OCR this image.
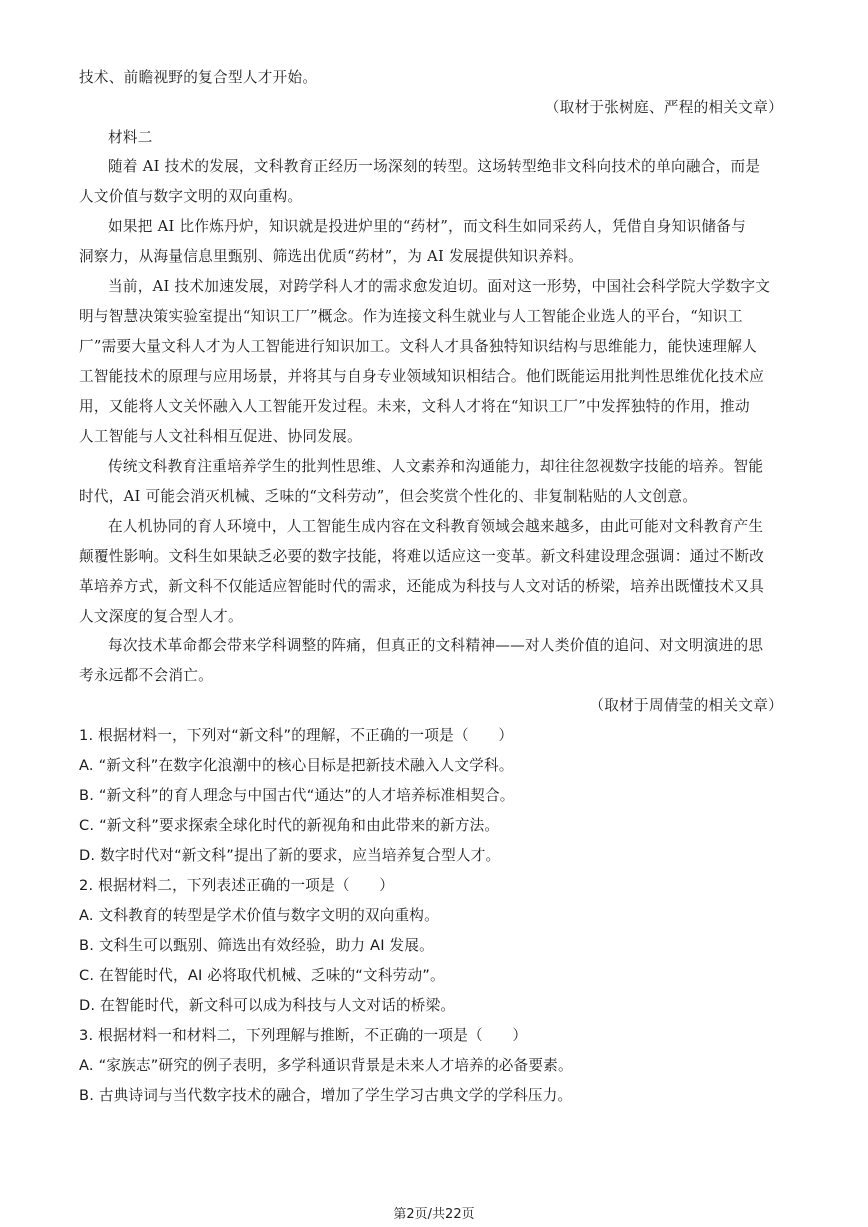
技术、前瞻视野的复合型人才开始。
（取材于张树庭、严程的相关文章）
材料二
随着 AI 技术的发展，文科教育正经历一场深刻的转型。这场转型绝非文科向技术的单向融合，而是
人文价值与数字文明的双向重构。
如果把 AI 比作炼丹炉，知识就是投进炉里的“药材”，而文科生如同采药人，凭借自身知识储备与
洞察力，从海量信息里甄别、筛选出优质“药材”，为 AI 发展提供知识养料。
当前，AI 技术加速发展，对跨学科人才的需求愈发迫切。面对这一形势，中国社会科学院大学数字文
明与智慧决策实验室提出“知识工厂”概念。作为连接文科生就业与人工智能企业选人的平台，“知识工
厂”需要大量文科人才为人工智能进行知识加工。文科人才具备独特知识结构与思维能力，能快速理解人
工智能技术的原理与应用场景，并将其与自身专业领域知识相结合。他们既能运用批判性思维优化技术应
用，又能将人文关怀融入人工智能开发过程。未来，文科人才将在“知识工厂”中发挥独特的作用，推动
人工智能与人文社科相互促进、协同发展。
传统文科教育注重培养学生的批判性思维、人文素养和沟通能力，却往往忽视数字技能的培养。智能
时代，AI 可能会消灭机械、乏味的“文科劳动”，但会奖赏个性化的、非复制粘贴的人文创意。
在人机协同的育人环境中，人工智能生成内容在文科教育领域会越来越多，由此可能对文科教育产生
颠覆性影响。文科生如果缺乏必要的数字技能，将难以适应这一变革。新文科建设理念强调：通过不断改
革培养方式，新文科不仅能适应智能时代的需求，还能成为科技与人文对话的桥梁，培养出既懂技术又具
人文深度的复合型人才。
每次技术革命都会带来学科调整的阵痛，但真正的文科精神——对人类价值的追问、对文明演进的思
考永远都不会消亡。
（取材于周倩莹的相关文章）
1. 根据材料一，下列对“新文科”的理解，不正确的一项是（　　）
A. “新文科”在数字化浪潮中的核心目标是把新技术融入人文学科。
B. “新文科”的育人理念与中国古代“通达”的人才培养标准相契合。
C. “新文科”要求探索全球化时代的新视角和由此带来的新方法。
D. 数字时代对“新文科”提出了新的要求，应当培养复合型人才。
2. 根据材料二，下列表述正确的一项是（　　）
A. 文科教育的转型是学术价值与数字文明的双向重构。
B. 文科生可以甄别、筛选出有效经验，助力 AI 发展。
C. 在智能时代，AI 必将取代机械、乏味的“文科劳动”。
D. 在智能时代，新文科可以成为科技与人文对话的桥梁。
3. 根据材料一和材料二，下列理解与推断，不正确的一项是（　　）
A. “家族志”研究的例子表明，多学科通识背景是未来人才培养的必备要素。
B. 古典诗词与当代数字技术的融合，增加了学生学习古典文学的学科压力。
第2页/共22页
